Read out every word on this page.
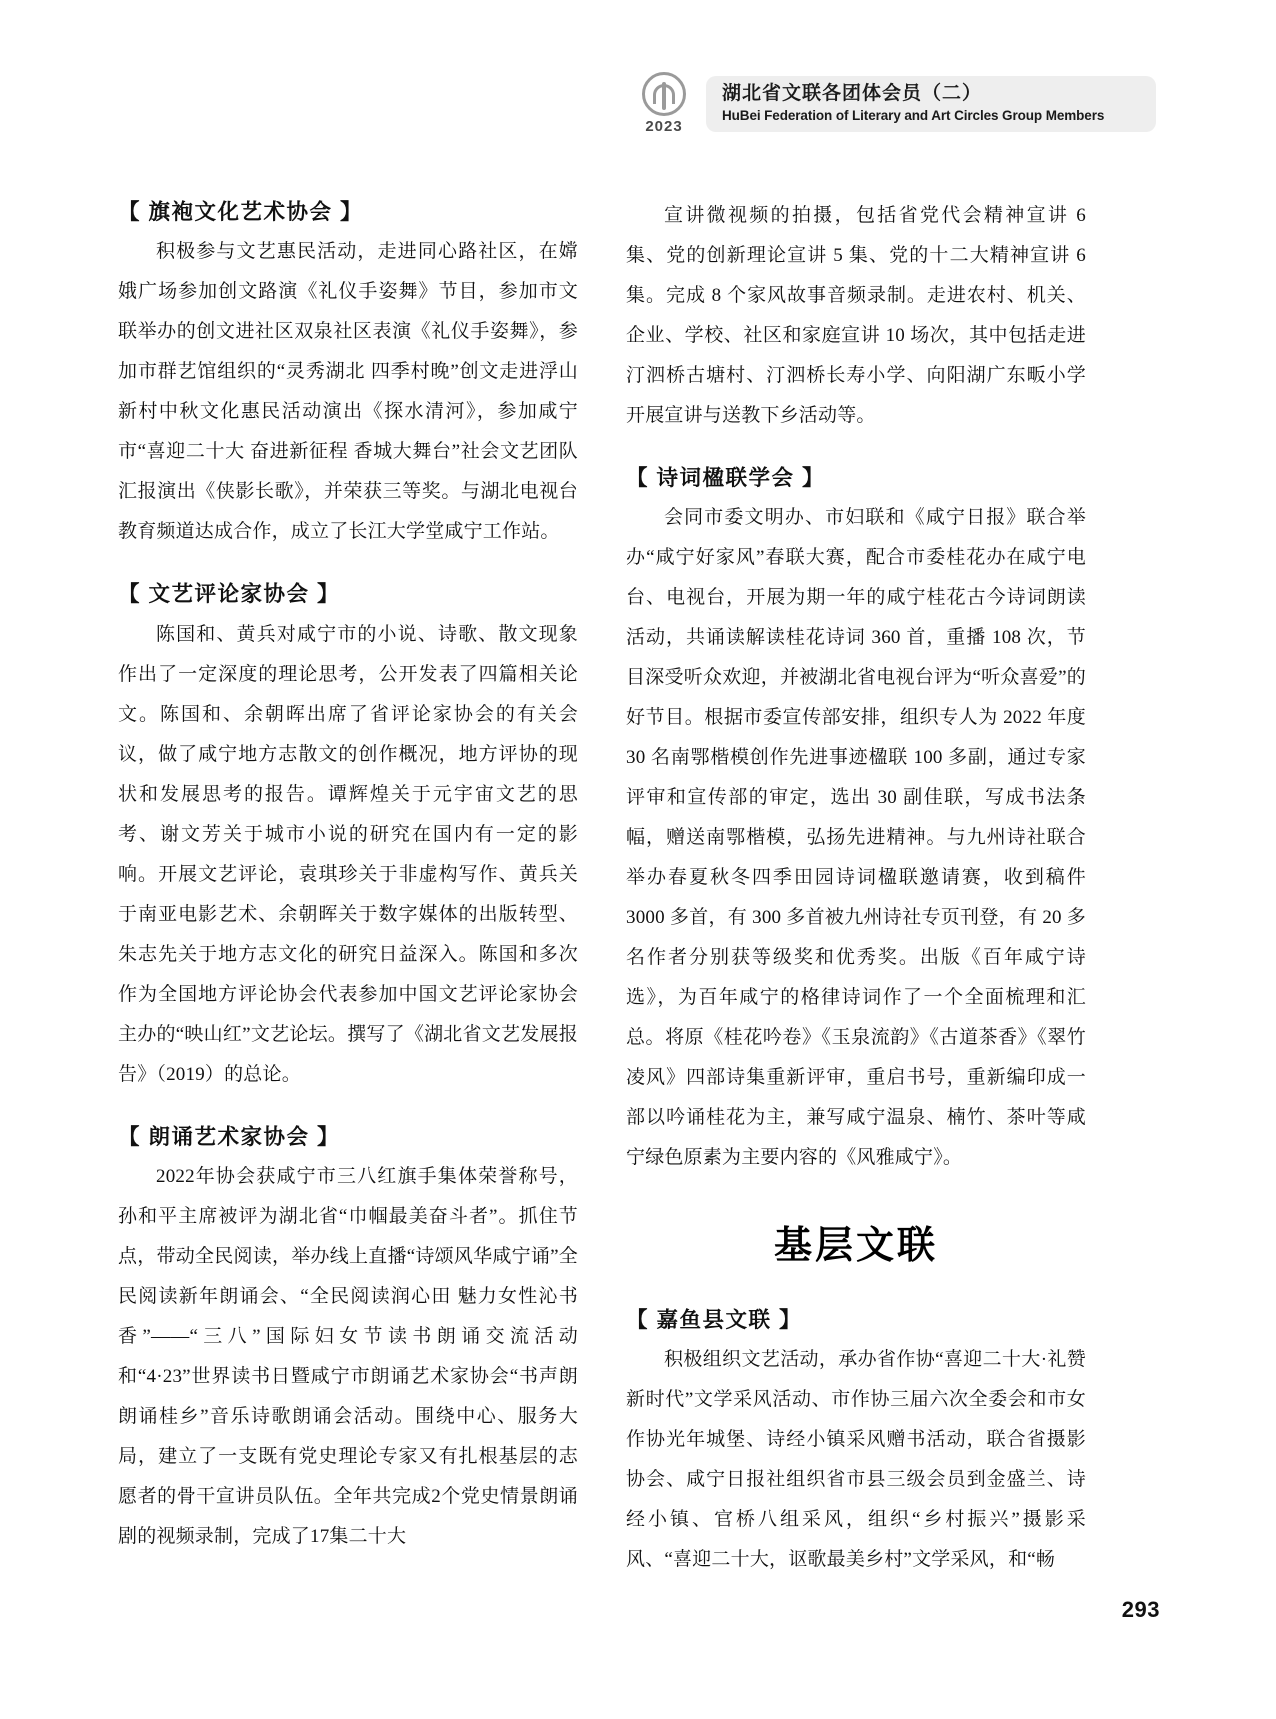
2023
湖北省文联各团体会员（二）
HuBei Federation of Literary and Art Circles Group Members
【 旗袍文化艺术协会 】

积极参与文艺惠民活动，走进同心路社区，在嫦娥广场参加创文路演《礼仪手姿舞》节目，参加市文联举办的创文进社区双泉社区表演《礼仪手姿舞》，参加市群艺馆组织的“灵秀湖北 四季村晚”创文走进浮山新村中秋文化惠民活动演出《探水清河》，参加咸宁市“喜迎二十大 奋进新征程 香城大舞台”社会文艺团队汇报演出《侠影长歌》，并荣获三等奖。与湖北电视台教育频道达成合作，成立了长江大学堂咸宁工作站。

【 文艺评论家协会 】

陈国和、黄兵对咸宁市的小说、诗歌、散文现象作出了一定深度的理论思考，公开发表了四篇相关论文。陈国和、余朝晖出席了省评论家协会的有关会议，做了咸宁地方志散文的创作概况，地方评协的现状和发展思考的报告。谭辉煌关于元宇宙文艺的思考、谢文芳关于城市小说的研究在国内有一定的影响。开展文艺评论，袁琪珍关于非虚构写作、黄兵关于南亚电影艺术、余朝晖关于数字媒体的出版转型、朱志先关于地方志文化的研究日益深入。陈国和多次作为全国地方评论协会代表参加中国文艺评论家协会主办的“映山红”文艺论坛。撰写了《湖北省文艺发展报告》（2019）的总论。

【 朗诵艺术家协会 】

2022年协会获咸宁市三八红旗手集体荣誉称号，孙和平主席被评为湖北省“巾帼最美奋斗者”。抓住节点，带动全民阅读，举办线上直播“诗颂风华咸宁诵”全民阅读新年朗诵会、“全民阅读润心田 魅力女性沁书香”——“三八”国际妇女节读书朗诵交流活动和“4·23”世界读书日暨咸宁市朗诵艺术家协会“书声朗朗诵桂乡”音乐诗歌朗诵会活动。围绕中心、服务大局，建立了一支既有党史理论专家又有扎根基层的志愿者的骨干宣讲员队伍。全年共完成2个党史情景朗诵剧的视频录制，完成了17集二十大

宣讲微视频的拍摄，包括省党代会精神宣讲 6 集、党的创新理论宣讲 5 集、党的十二大精神宣讲 6 集。完成 8 个家风故事音频录制。走进农村、机关、企业、学校、社区和家庭宣讲 10 场次，其中包括走进汀泗桥古塘村、汀泗桥长寿小学、向阳湖广东畈小学开展宣讲与送教下乡活动等。

【 诗词楹联学会 】

会同市委文明办、市妇联和《咸宁日报》联合举办“咸宁好家风”春联大赛，配合市委桂花办在咸宁电台、电视台，开展为期一年的咸宁桂花古今诗词朗读活动，共诵读解读桂花诗词 360 首，重播 108 次，节目深受听众欢迎，并被湖北省电视台评为“听众喜爱”的好节目。根据市委宣传部安排，组织专人为 2022 年度 30 名南鄂楷模创作先进事迹楹联 100 多副，通过专家评审和宣传部的审定，选出 30 副佳联，写成书法条幅，赠送南鄂楷模，弘扬先进精神。与九州诗社联合举办春夏秋冬四季田园诗词楹联邀请赛，收到稿件 3000 多首，有 300 多首被九州诗社专页刊登，有 20 多名作者分别获等级奖和优秀奖。出版《百年咸宁诗选》，为百年咸宁的格律诗词作了一个全面梳理和汇总。将原《桂花吟卷》《玉泉流韵》《古道茶香》《翠竹凌风》四部诗集重新评审，重启书号，重新编印成一部以吟诵桂花为主，兼写咸宁温泉、楠竹、茶叶等咸宁绿色原素为主要内容的《风雅咸宁》。

基层文联
【 嘉鱼县文联 】

积极组织文艺活动，承办省作协“喜迎二十大·礼赞新时代”文学采风活动、市作协三届六次全委会和市女作协光年城堡、诗经小镇采风赠书活动，联合省摄影协会、咸宁日报社组织省市县三级会员到金盛兰、诗经小镇、官桥八组采风，组织“乡村振兴”摄影采风、“喜迎二十大，讴歌最美乡村”文学采风，和“畅

293
